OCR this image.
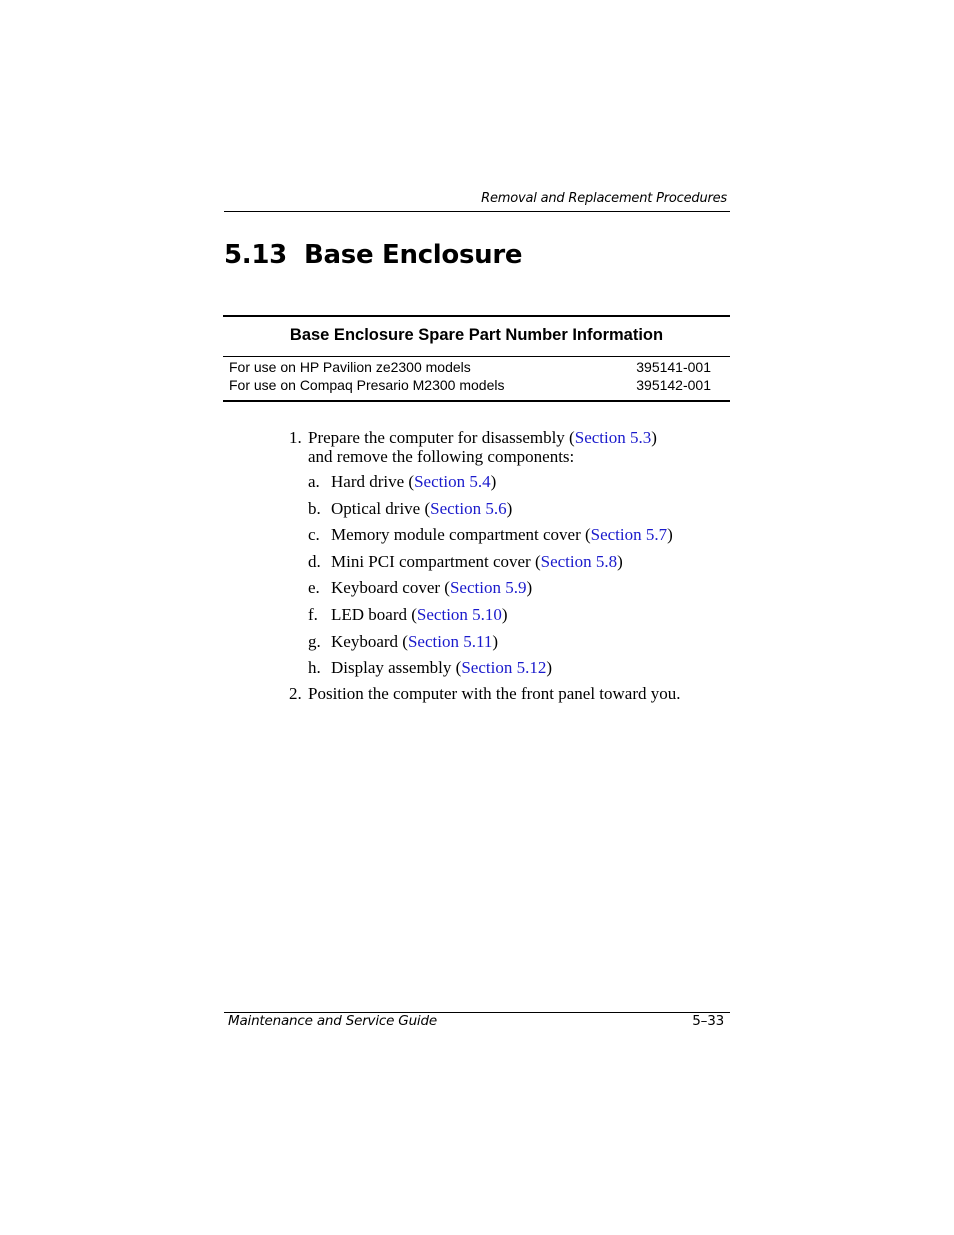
Removal and Replacement Procedures
5.13 Base Enclosure
Base Enclosure Spare Part Number Information
For use on HP Pavilion ze2300 models	395141-001
For use on Compaq Presario M2300 models	395142-001
1. Prepare the computer for disassembly (Section 5.3)
and remove the following components:
a. Hard drive (Section 5.4)
b. Optical drive (Section 5.6)
c. Memory module compartment cover (Section 5.7)
d. Mini PCI compartment cover (Section 5.8)
e. Keyboard cover (Section 5.9)
f. LED board (Section 5.10)
g. Keyboard (Section 5.11)
h. Display assembly (Section 5.12)
2. Position the computer with the front panel toward you.
Maintenance and Service Guide	5–33
